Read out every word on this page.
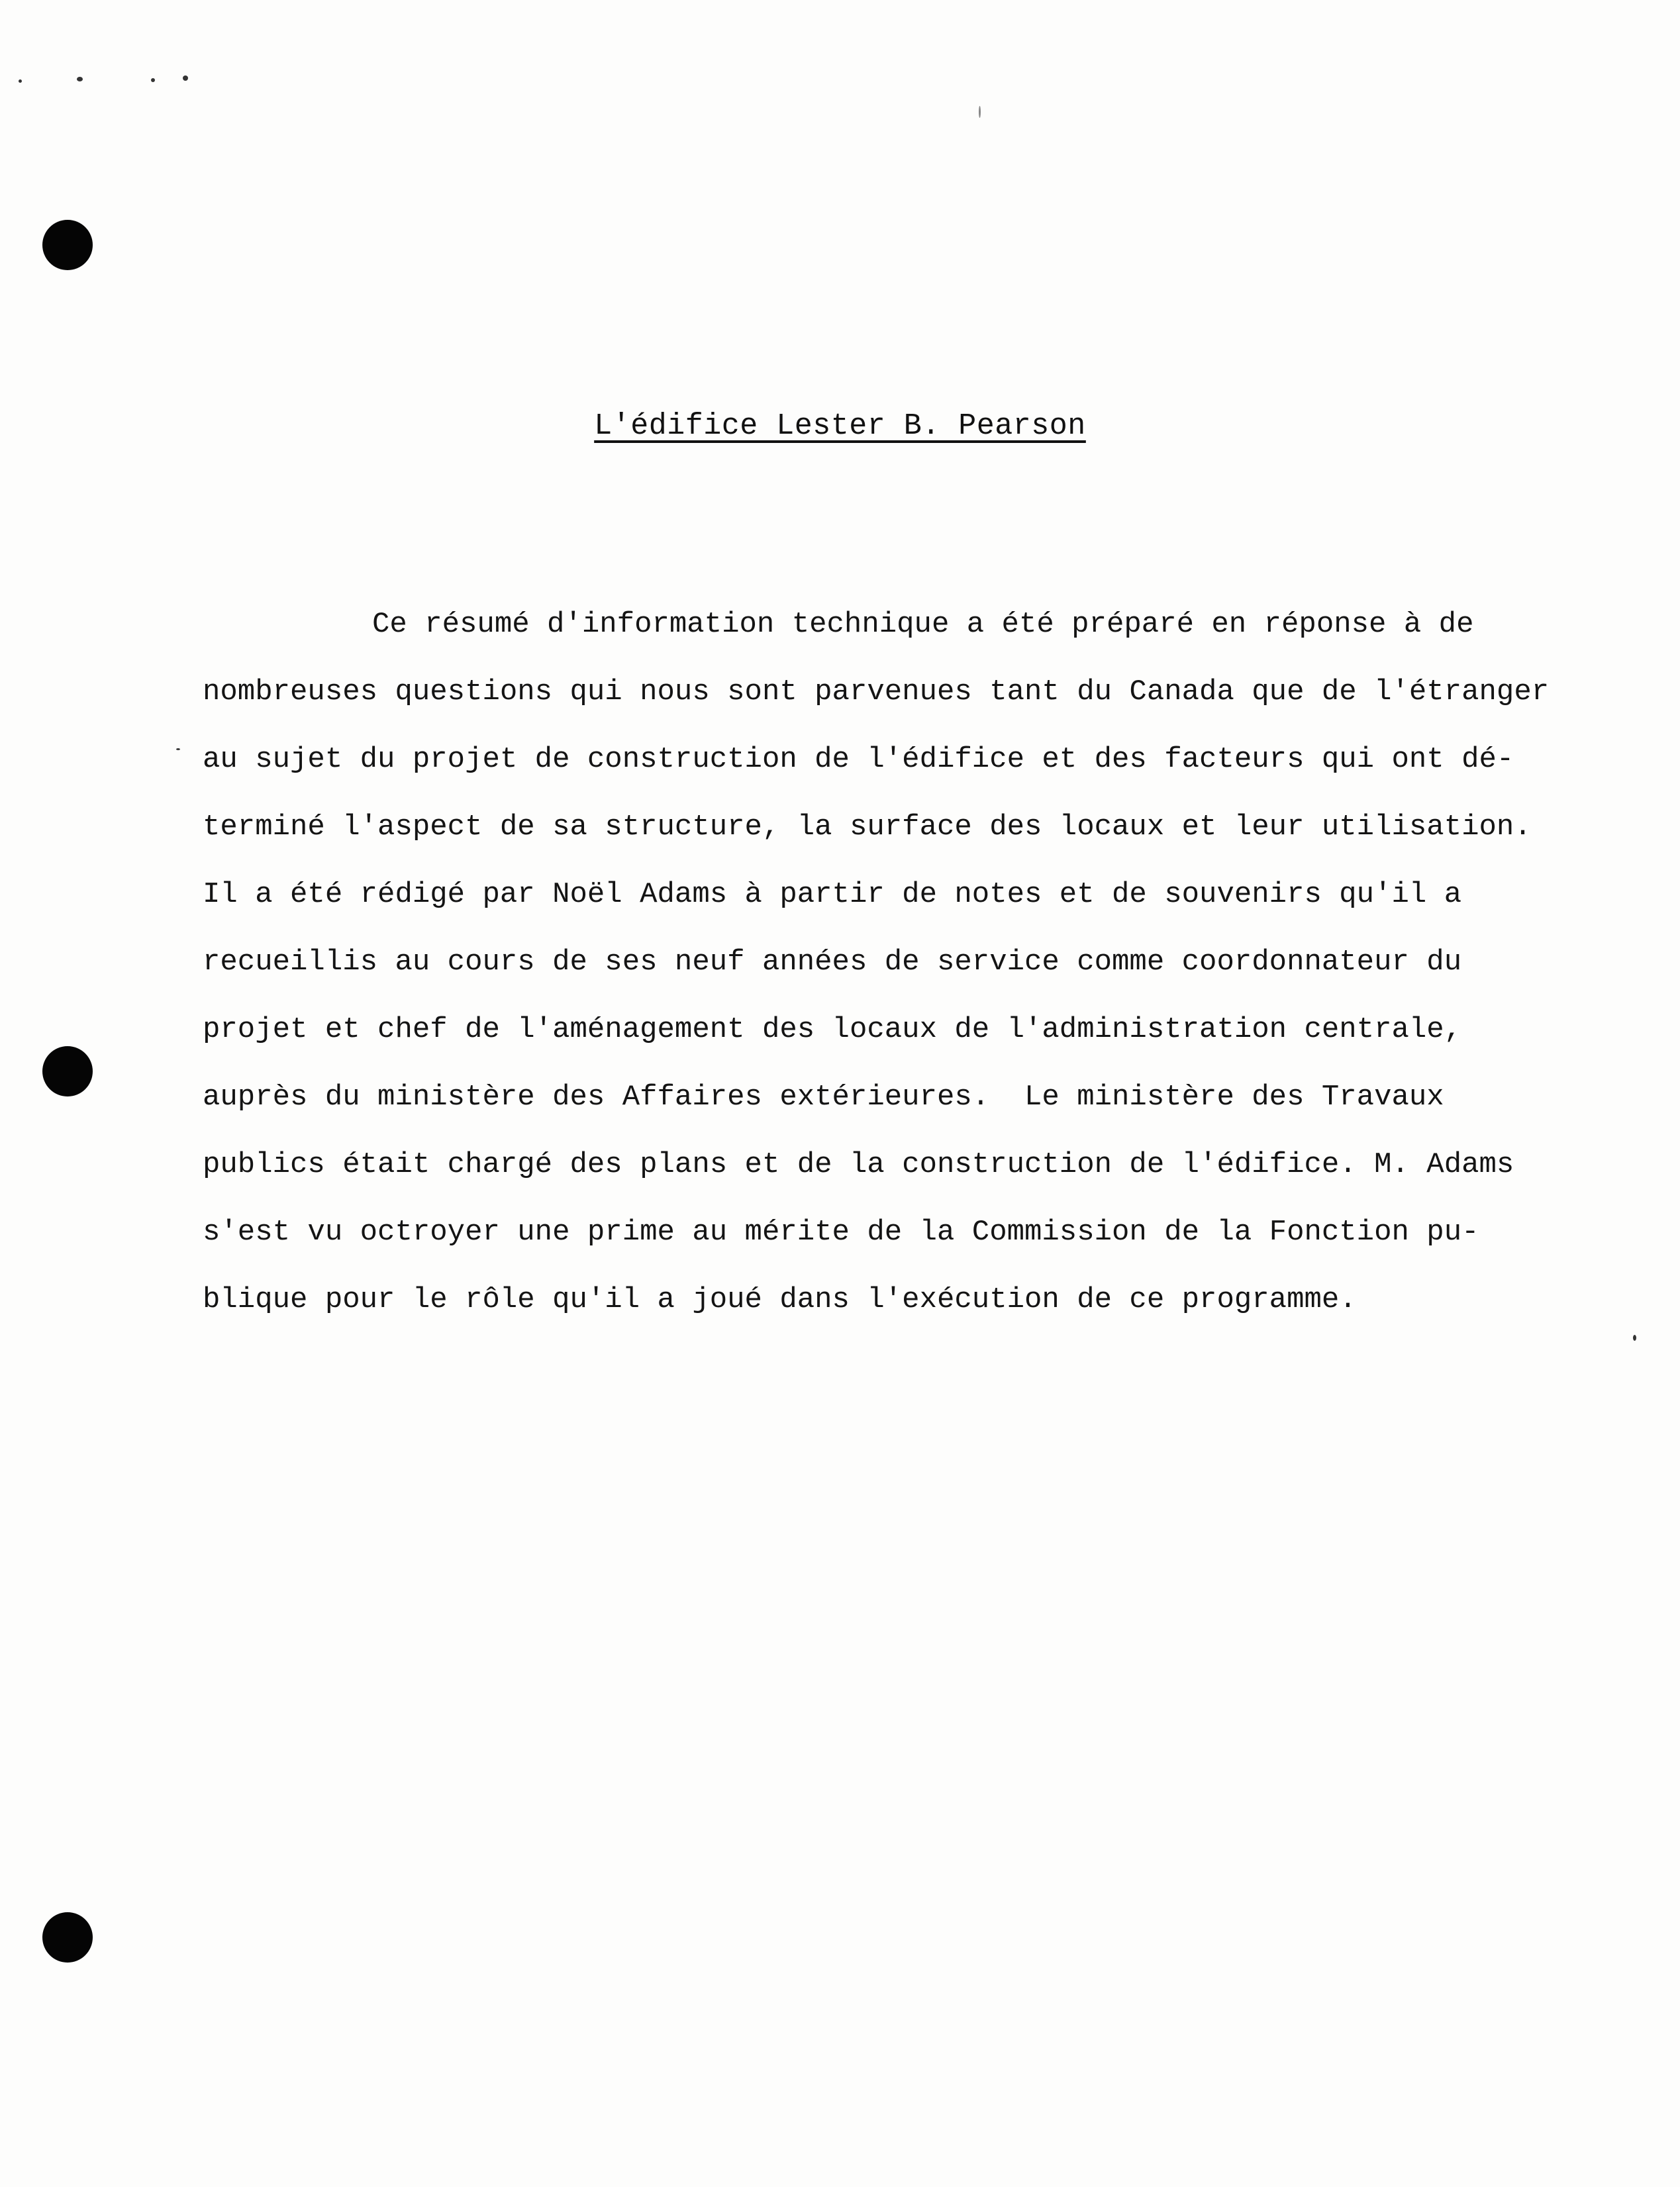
L'édifice Lester B. Pearson
Ce résumé d'information technique a été préparé en réponse à de
nombreuses questions qui nous sont parvenues tant du Canada que de l'étranger
au sujet du projet de construction de l'édifice et des facteurs qui ont dé-
terminé l'aspect de sa structure, la surface des locaux et leur utilisation.
Il a été rédigé par Noël Adams à partir de notes et de souvenirs qu'il a
recueillis au cours de ses neuf années de service comme coordonnateur du
projet et chef de l'aménagement des locaux de l'administration centrale,
auprès du ministère des Affaires extérieures.  Le ministère des Travaux
publics était chargé des plans et de la construction de l'édifice. M. Adams
s'est vu octroyer une prime au mérite de la Commission de la Fonction pu-
blique pour le rôle qu'il a joué dans l'exécution de ce programme.
